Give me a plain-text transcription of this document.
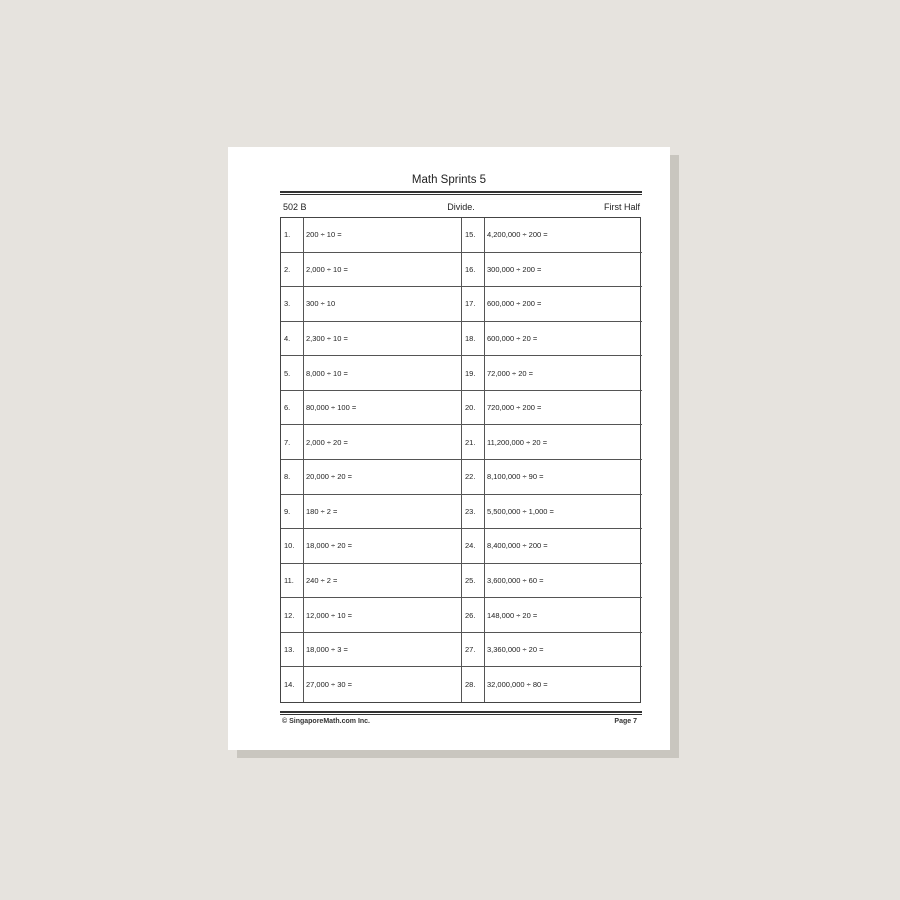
Math Sprints 5
502 B	Divide.	First Half
1.	200 ÷ 10 =	15.	4,200,000 ÷ 200 =
2.	2,000 ÷ 10 =	16.	300,000 ÷ 200 =
3.	300 ÷ 10	17.	600,000 ÷ 200 =
4.	2,300 ÷ 10 =	18.	600,000 ÷ 20 =
5.	8,000 ÷ 10 =	19.	72,000 ÷ 20 =
6.	80,000 ÷ 100 =	20.	720,000 ÷ 200 =
7.	2,000 ÷ 20 =	21.	11,200,000 ÷ 20 =
8.	20,000 ÷ 20 =	22.	8,100,000 ÷ 90 =
9.	180 ÷ 2 =	23.	5,500,000 ÷ 1,000 =
10.	18,000 ÷ 20 =	24.	8,400,000 ÷ 200 =
11.	240 ÷ 2 =	25.	3,600,000 ÷ 60 =
12.	12,000 ÷ 10 =	26.	148,000 ÷ 20 =
13.	18,000 ÷ 3 =	27.	3,360,000 ÷ 20 =
14.	27,000 ÷ 30 =	28.	32,000,000 ÷ 80 =
© SingaporeMath.com Inc.	Page 7
